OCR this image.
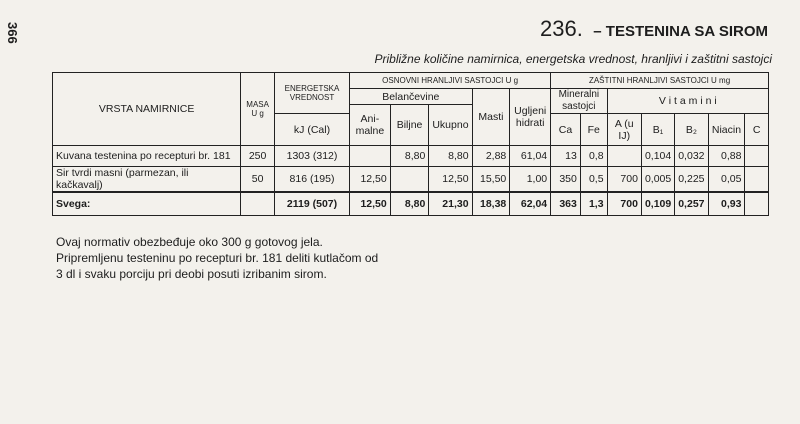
366	236. – TESTENINA SA SIROM
Približne količine namirnica, energetska vrednost, hranljivi i zaštitni sastojci
VRSTA NAMIRNICE	MASA U g	ENERGETSKA VREDNOST	OSNOVNI HRANLJIVI SASTOJCI U g					ZAŠTITNI HRANLJIVI SASTOJCI U mg						
			Belančevine			Masti	Ugljeni hidrati	Mineralni sastojci		V i t a m i n i				
			Ani-malne	Biljne	Ukupno									
		kJ (Cal)						Ca	Fe	A (u IJ)	B₁	B₂	Niacin	C
Kuvana testenina po recepturi br. 181	250	1303 (312)		8,80	8,80	2,88	61,04	13	0,8		0,104	0,032	0,88	
Sir tvrdi masni (parmezan, ili kačkavalj)	50	816 (195)	12,50		12,50	15,50	1,00	350	0,5	700	0,005	0,225	0,05	
Svega:		2119 (507)	12,50	8,80	21,30	18,38	62,04	363	1,3	700	0,109	0,257	0,93	
Ovaj normativ obezbeđuje oko 300 g gotovog jela.
Pripremljenu testeninu po recepturi br. 181 deliti kutlačom od
3 dl i svaku porciju pri deobi posuti izribanim sirom.
